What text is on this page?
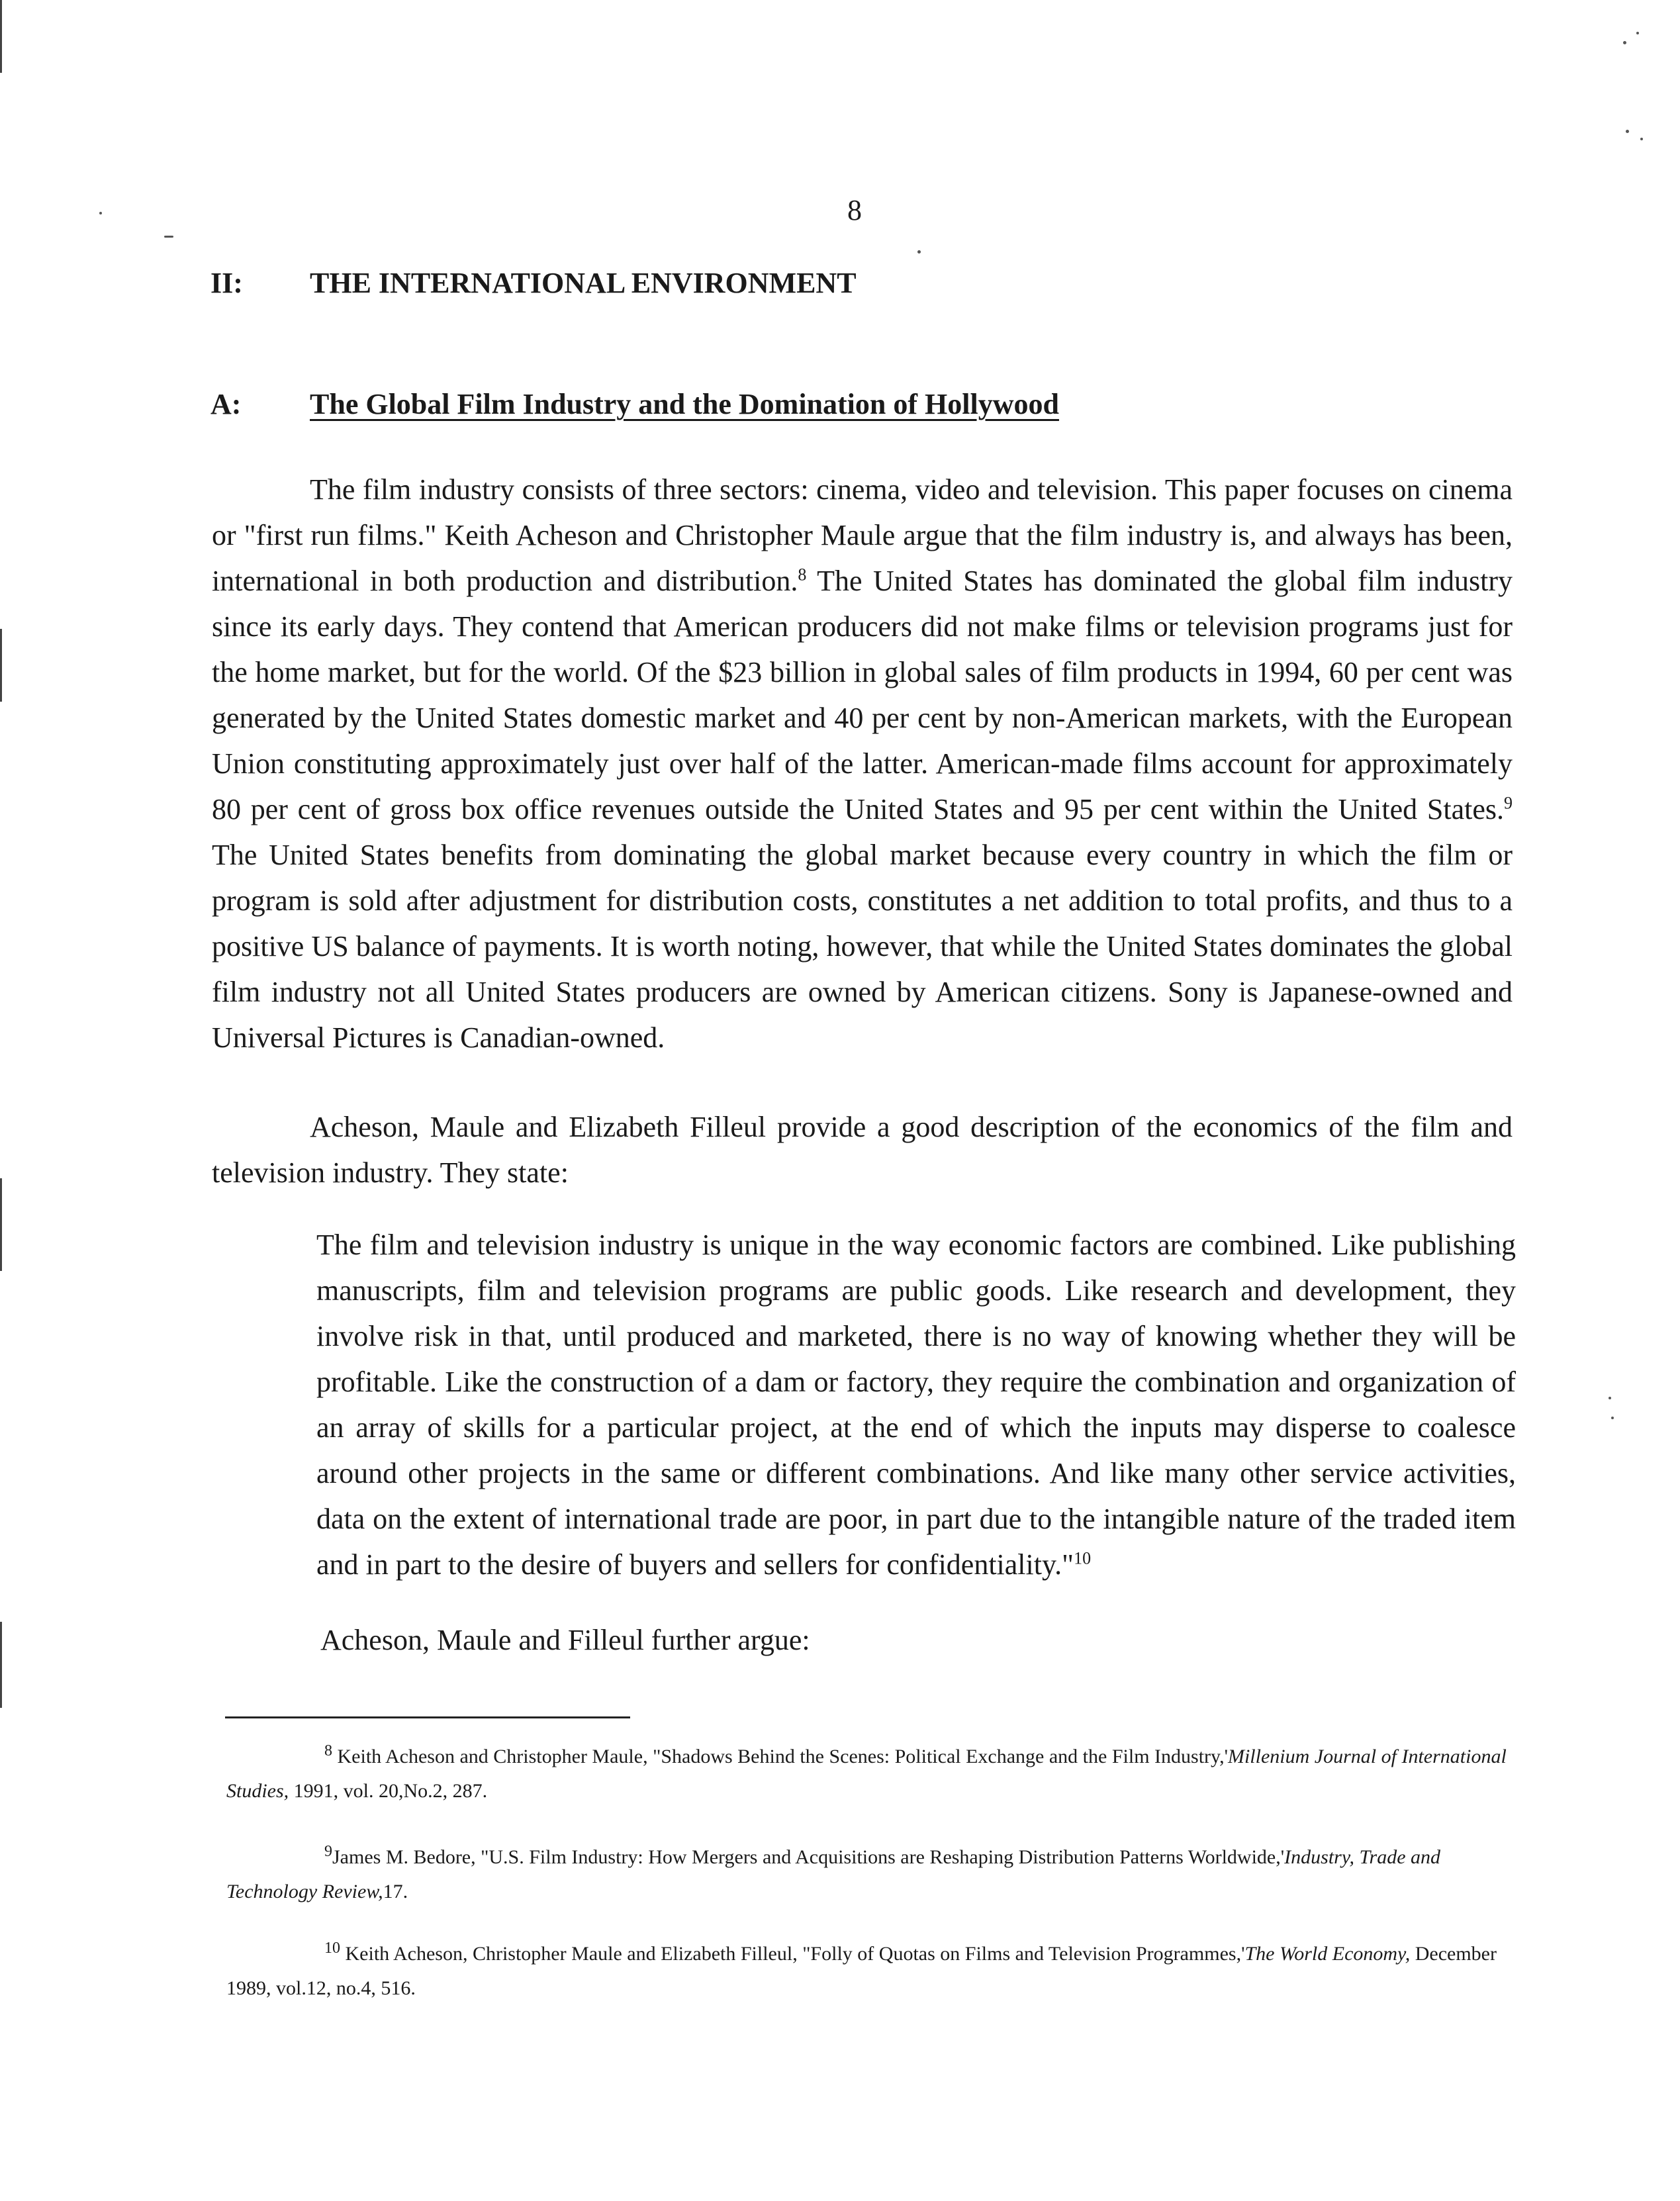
8
II: THE INTERNATIONAL ENVIRONMENT
A: The Global Film Industry and the Domination of Hollywood

The film industry consists of three sectors: cinema, video and television. This paper focuses on cinema or "first run films." Keith Acheson and Christopher Maule argue that the film industry is, and always has been, international in both production and distribution.$^8$ The United States has dominated the global film industry since its early days. They contend that American producers did not make films or television programs just for the home market, but for the world. Of the $23 billion in global sales of film products in 1994, 60 per cent was generated by the United States domestic market and 40 per cent by non-American markets, with the European Union constituting approximately just over half of the latter. American-made films account for approximately 80 per cent of gross box office revenues outside the United States and 95 per cent within the United States.$^9$ The United States benefits from dominating the global market because every country in which the film or program is sold after adjustment for distribution costs, constitutes a net addition to total profits, and thus to a positive US balance of payments. It is worth noting, however, that while the United States dominates the global film industry not all United States producers are owned by American citizens. Sony is Japanese-owned and Universal Pictures is Canadian-owned.

Acheson, Maule and Elizabeth Filleul provide a good description of the economics of the film and television industry. They state:

The film and television industry is unique in the way economic factors are combined. Like publishing manuscripts, film and television programs are public goods. Like research and development, they involve risk in that, until produced and marketed, there is no way of knowing whether they will be profitable. Like the construction of a dam or factory, they require the combination and organization of an array of skills for a particular project, at the end of which the inputs may disperse to coalesce around other projects in the same or different combinations. And like many other service activities, data on the extent of international trade are poor, in part due to the intangible nature of the traded item and in part to the desire of buyers and sellers for confidentiality."$^{10}$

Acheson, Maule and Filleul further argue:

$^8$ Keith Acheson and Christopher Maule, "Shadows Behind the Scenes: Political Exchange and the Film Industry,'Millenium Journal of International Studies, 1991, vol. 20,No.2, 287.

$^9$James M. Bedore, "U.S. Film Industry: How Mergers and Acquisitions are Reshaping Distribution Patterns Worldwide,'Industry, Trade and Technology Review,17.

$^{10}$ Keith Acheson, Christopher Maule and Elizabeth Filleul, "Folly of Quotas on Films and Television Programmes,'The World Economy, December 1989, vol.12, no.4, 516.
